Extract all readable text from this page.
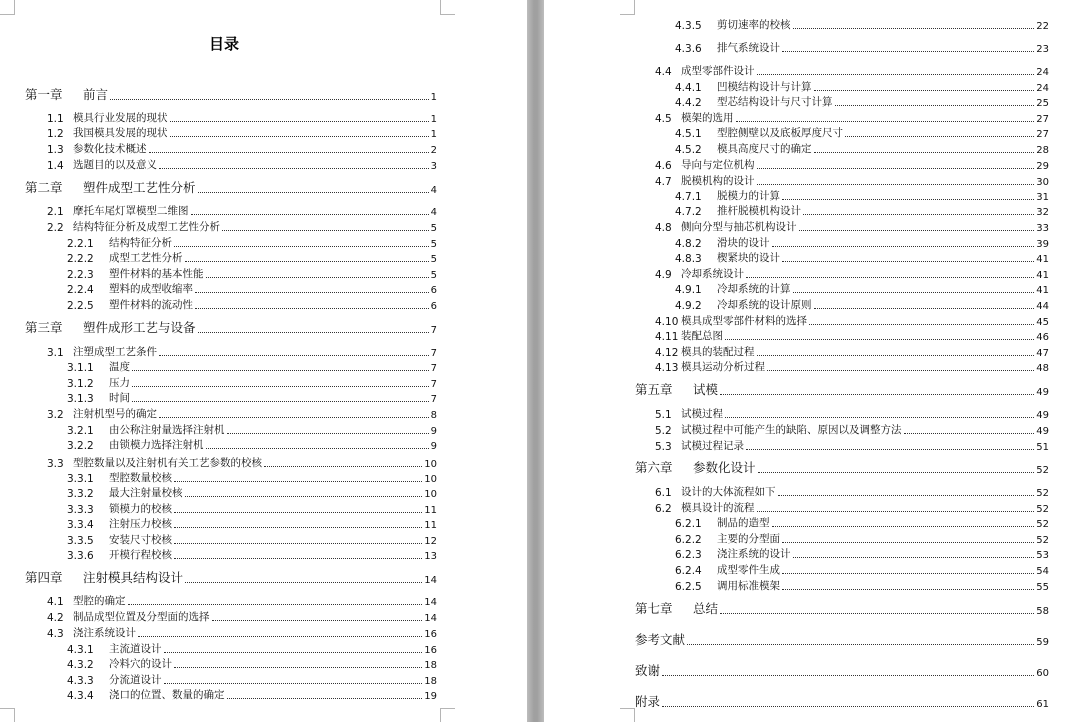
目录
第一章	前言	1
1.1 模具行业发展的现状	1
1.2 我国模具发展的现状	1
1.3 参数化技术概述	2
1.4 选题目的以及意义	3
第二章	塑件成型工艺性分析	4
2.1 摩托车尾灯罩模型二维图	4
2.2 结构特征分析及成型工艺性分析	5
2.2.1	结构特征分析	5
2.2.2	成型工艺性分析	5
2.2.3	塑件材料的基本性能	5
2.2.4	塑料的成型收缩率	6
2.2.5	塑件材料的流动性	6
第三章	塑件成形工艺与设备	7
3.1 注塑成型工艺条件	7
3.1.1	温度	7
3.1.2	压力	7
3.1.3	时间	7
3.2 注射机型号的确定	8
3.2.1	由公称注射量选择注射机	9
3.2.2	由锁模力选择注射机	9
3.3 型腔数量以及注射机有关工艺参数的校核	10
3.3.1	型腔数量校核	10
3.3.2	最大注射量校核	10
3.3.3	锁模力的校核	11
3.3.4	注射压力校核	11
3.3.5	安装尺寸校核	12
3.3.6	开模行程校核	13
第四章	注射模具结构设计	14
4.1 型腔的确定	14
4.2 制品成型位置及分型面的选择	14
4.3 浇注系统设计	16
4.3.1	主流道设计	16
4.3.2	冷料穴的设计	18
4.3.3	分流道设计	18
4.3.4	浇口的位置、数量的确定	19
4.3.5	剪切速率的校核	22
4.3.6	排气系统设计	23
4.4 成型零部件设计	24
4.4.1	凹模结构设计与计算	24
4.4.2	型芯结构设计与尺寸计算	25
4.5 模架的选用	27
4.5.1	型腔侧壁以及底板厚度尺寸	27
4.5.2	模具高度尺寸的确定	28
4.6 导向与定位机构	29
4.7 脱模机构的设计	30
4.7.1	脱模力的计算	31
4.7.2	推杆脱模机构设计	32
4.8 侧向分型与抽芯机构设计	33
4.8.2	滑块的设计	39
4.8.3	楔紧块的设计	41
4.9 冷却系统设计	41
4.9.1	冷却系统的计算	41
4.9.2	冷却系统的设计原则	44
4.10 模具成型零部件材料的选择	45
4.11 装配总图	46
4.12 模具的装配过程	47
4.13 模具运动分析过程	48
第五章	试模	49
5.1 试模过程	49
5.2 试模过程中可能产生的缺陷、原因以及调整方法	49
5.3 试模过程记录	51
第六章	参数化设计	52
6.1 设计的大体流程如下	52
6.2 模具设计的流程	52
6.2.1	制品的造型	52
6.2.2	主要的分型面	52
6.2.3	浇注系统的设计	53
6.2.4	成型零件生成	54
6.2.5	调用标准模架	55
第七章	总结	58
参考文献	59
致谢	60
附录	61
